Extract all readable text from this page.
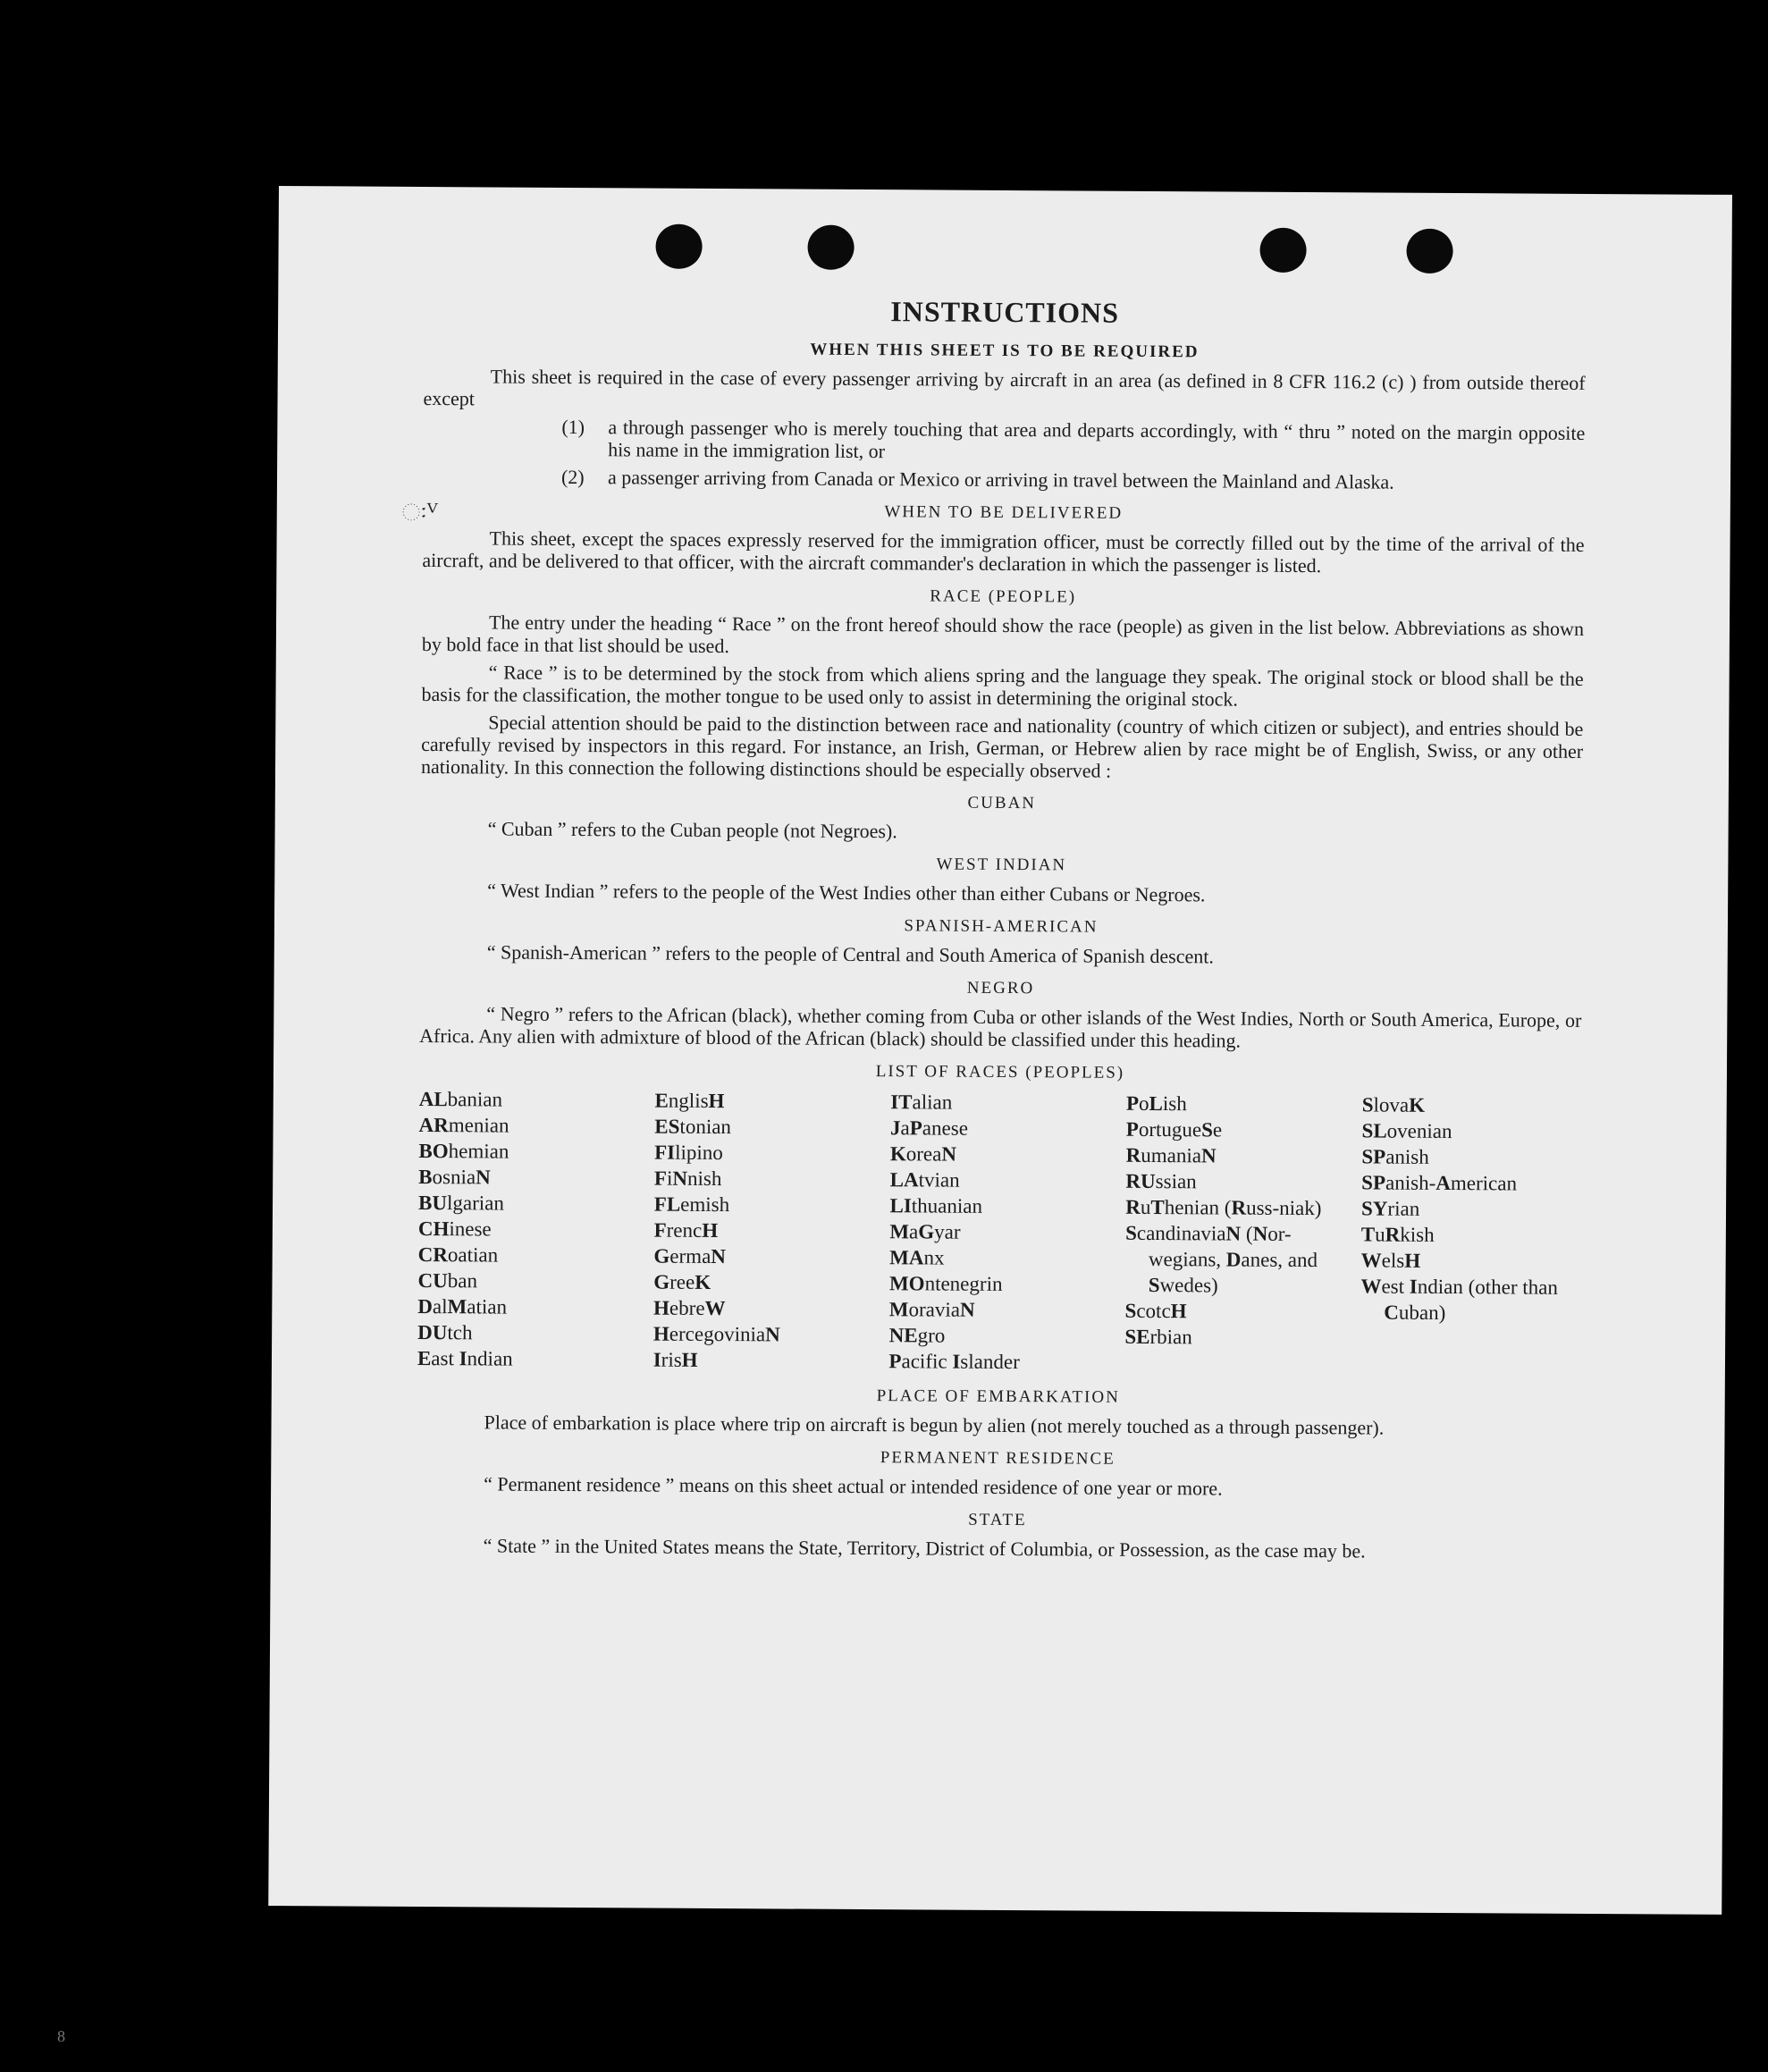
INSTRUCTIONS
WHEN THIS SHEET IS TO BE REQUIRED

This sheet is required in the case of every passenger arriving by aircraft in an area (as defined in 8 CFR 116.2 (c) ) from outside thereof except

(1) a through passenger who is merely touching that area and departs accordingly, with “ thru ” noted on the margin opposite his name in the immigration list, or
(2) a passenger arriving from Canada or Mexico or arriving in travel between the Mainland and Alaska.
WHEN TO BE DELIVERED

This sheet, except the spaces expressly reserved for the immigration officer, must be correctly filled out by the time of the arrival of the aircraft, and be delivered to that officer, with the aircraft commander's declaration in which the passenger is listed.

RACE (PEOPLE)

The entry under the heading “ Race ” on the front hereof should show the race (people) as given in the list below. Abbreviations as shown by bold face in that list should be used.

“ Race ” is to be determined by the stock from which aliens spring and the language they speak. The original stock or blood shall be the basis for the classification, the mother tongue to be used only to assist in determining the original stock.

Special attention should be paid to the distinction between race and nationality (country of which citizen or subject), and entries should be carefully revised by inspectors in this regard. For instance, an Irish, German, or Hebrew alien by race might be of English, Swiss, or any other nationality. In this connection the following distinctions should be especially observed :

CUBAN

“ Cuban ” refers to the Cuban people (not Negroes).

WEST INDIAN

“ West Indian ” refers to the people of the West Indies other than either Cubans or Negroes.

SPANISH-AMERICAN

“ Spanish-American ” refers to the people of Central and South America of Spanish descent.

NEGRO

“ Negro ” refers to the African (black), whether coming from Cuba or other islands of the West Indies, North or South America, Europe, or Africa. Any alien with admixture of blood of the African (black) should be classified under this heading.

LIST OF RACES (PEOPLES)
ALbanian
ARmenian
BOhemian
BosniaN
BUlgarian
CHinese
CRoatian
CUban
DalMatian
DUtch
East Indian
EnglisH
EStonian
FIlipino
FiNnish
FLemish
FrencH
GermaN
GreeK
HebreW
HercegoviniaN
IrisH
ITalian
JaPanese
KoreaN
LAtvian
LIthuanian
MaGyar
MAnx
MOntenegrin
MoraviaN
NEgro
Pacific Islander
PoLish
PortugueSe
RumaniaN
RUssian
RuThenian (Russ-niak)
ScandinaviaN (Nor-wegians, Danes, and Swedes)
ScotcH
SErbian
SlovaK
SLovenian
SPanish
SPanish-American
SYrian
TuRkish
WelsH
West Indian (other than Cuban)
PLACE OF EMBARKATION

Place of embarkation is place where trip on aircraft is begun by alien (not merely touched as a through passenger).

PERMANENT RESIDENCE

“ Permanent residence ” means on this sheet actual or intended residence of one year or more.

STATE

“ State ” in the United States means the State, Territory, District of Columbia, or Possession, as the case may be.

ઃⱽ
8
